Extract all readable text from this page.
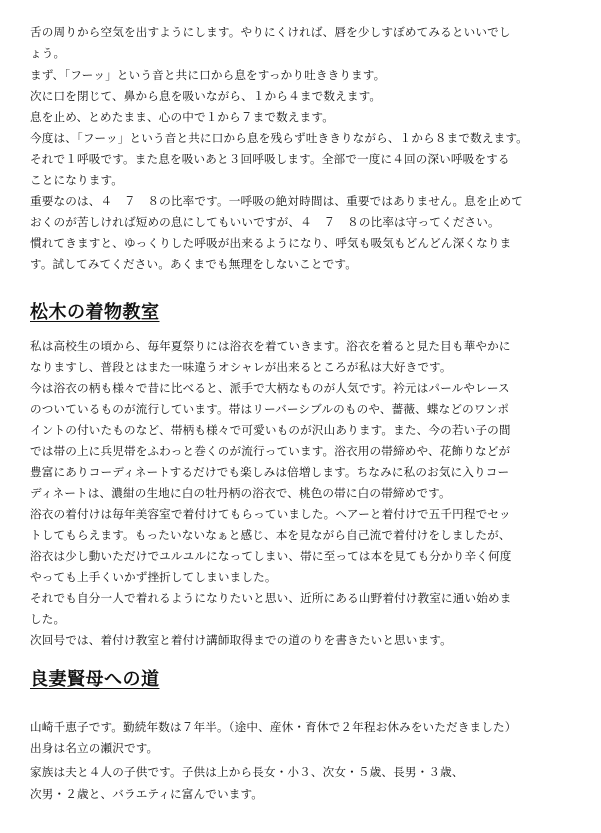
舌の周りから空気を出すようにします。やりにくければ、唇を少しすぼめてみるといいでし
ょう。
まず、「フーッ」という音と共に口から息をすっかり吐ききります。
次に口を閉じて、鼻から息を吸いながら、１から４まで数えます。
息を止め、とめたまま、心の中で１から７まで数えます。
今度は、「フーッ」という音と共に口から息を残らず吐ききりながら、１から８まで数えます。
それで１呼吸です。また息を吸いあと３回呼吸します。全部で一度に４回の深い呼吸をする
ことになります。
重要なのは、４　７　８の比率です。一呼吸の絶対時間は、重要ではありません。息を止めて
おくのが苦しければ短めの息にしてもいいですが、４　７　８の比率は守ってください。
慣れてきますと、ゆっくりした呼吸が出来るようになり、呼気も吸気もどんどん深くなりま
す。試してみてください。あくまでも無理をしないことです。
松木の着物教室
私は高校生の頃から、毎年夏祭りには浴衣を着ていきます。浴衣を着ると見た目も華やかに
なりますし、普段とはまた一味違うオシャレが出来るところが私は大好きです。
今は浴衣の柄も様々で昔に比べると、派手で大柄なものが人気です。衿元はパールやレース
のついているものが流行しています。帯はリーバーシブルのものや、薔薇、蝶などのワンポ
イントの付いたものなど、帯柄も様々で可愛いものが沢山あります。また、今の若い子の間
では帯の上に兵児帯をふわっと巻くのが流行っています。浴衣用の帯締めや、花飾りなどが
豊富にありコーディネートするだけでも楽しみは倍増します。ちなみに私のお気に入りコー
ディネートは、濃紺の生地に白の牡丹柄の浴衣で、桃色の帯に白の帯締めです。
浴衣の着付けは毎年美容室で着付けてもらっていました。ヘアーと着付けで五千円程でセッ
トしてもらえます。もったいないなぁと感じ、本を見ながら自己流で着付けをしましたが、
浴衣は少し動いただけでユルユルになってしまい、帯に至っては本を見ても分かり辛く何度
やっても上手くいかず挫折してしまいました。
それでも自分一人で着れるようになりたいと思い、近所にある山野着付け教室に通い始めま
した。
次回号では、着付け教室と着付け講師取得までの道のりを書きたいと思います。
良妻賢母への道
山崎千恵子です。勤続年数は７年半。（途中、産休・育休で２年程お休みをいただきました）
出身は名立の瀬沢です。
家族は夫と４人の子供です。子供は上から長女・小３、次女・５歳、長男・３歳、
次男・２歳と、バラエティに富んでいます。
